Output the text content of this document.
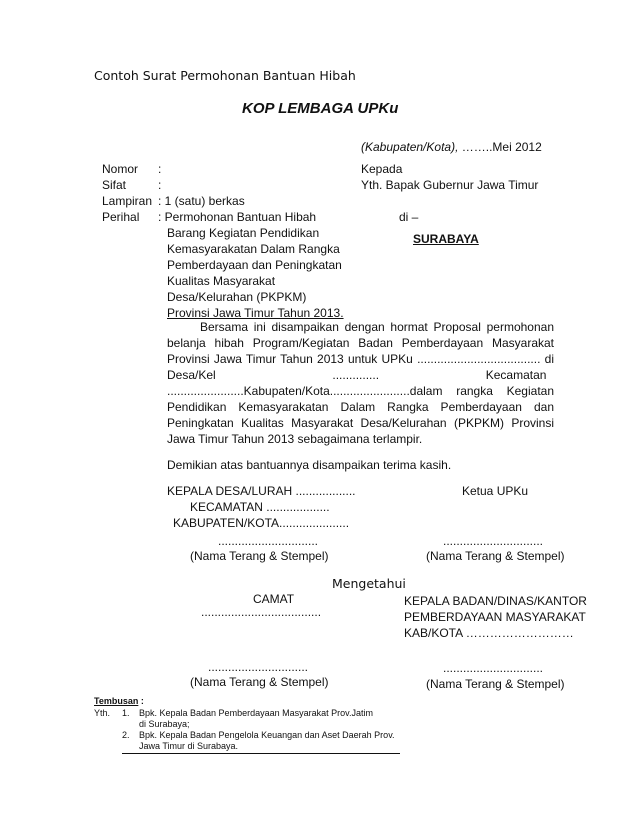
Contoh Surat Permohonan Bantuan Hibah
KOP LEMBAGA UPKu
(Kabupaten/Kota), ……..Mei 2012
Nomor :
Sifat	:
Lampiran : 1 (satu) berkas
Perihal : Permohonan Bantuan Hibah
Barang Kegiatan Pendidikan
Kemasyarakatan Dalam Rangka
Pemberdayaan dan Peningkatan
Kualitas Masyarakat
Desa/Kelurahan (PKPKM)
Provinsi Jawa Timur Tahun 2013.
Kepada
Yth. Bapak Gubernur Jawa Timur
di –
SURABAYA
Bersama ini disampaikan dengan hormat Proposal permohonan
belanja hibah Program/Kegiatan Badan Pemberdayaan Masyarakat
Provinsi Jawa Timur Tahun 2013 untuk UPKu ..................................... di
Desa/Kel                                   ..............                                Kecamatan
.......................Kabupaten/Kota........................dalam rangka Kegiatan
Pendidikan Kemasyarakatan Dalam Rangka Pemberdayaan dan
Peningkatan Kualitas Masyarakat Desa/Kelurahan (PKPKM) Provinsi
Jawa Timur Tahun 2013 sebagaimana terlampir.
Demikian atas bantuannya disampaikan terima kasih.
KEPALA DESA/LURAH ..................
KECAMATAN ...................
KABUPATEN/KOTA.....................
Ketua UPKu
..............................
(Nama Terang & Stempel)
..............................
(Nama Terang & Stempel)
Mengetahui
CAMAT
....................................
KEPALA BADAN/DINAS/KANTOR
PEMBERDAYAAN MASYARAKAT
KAB/KOTA ………………………
..............................
(Nama Terang & Stempel)
..............................
(Nama Terang & Stempel)
Tembusan :
Yth. 1. Bpk. Kepala Badan Pemberdayaan Masyarakat Prov.Jatim
di Surabaya;
2. Bpk. Kepala Badan Pengelola Keuangan dan Aset Daerah Prov.
Jawa Timur di Surabaya.
